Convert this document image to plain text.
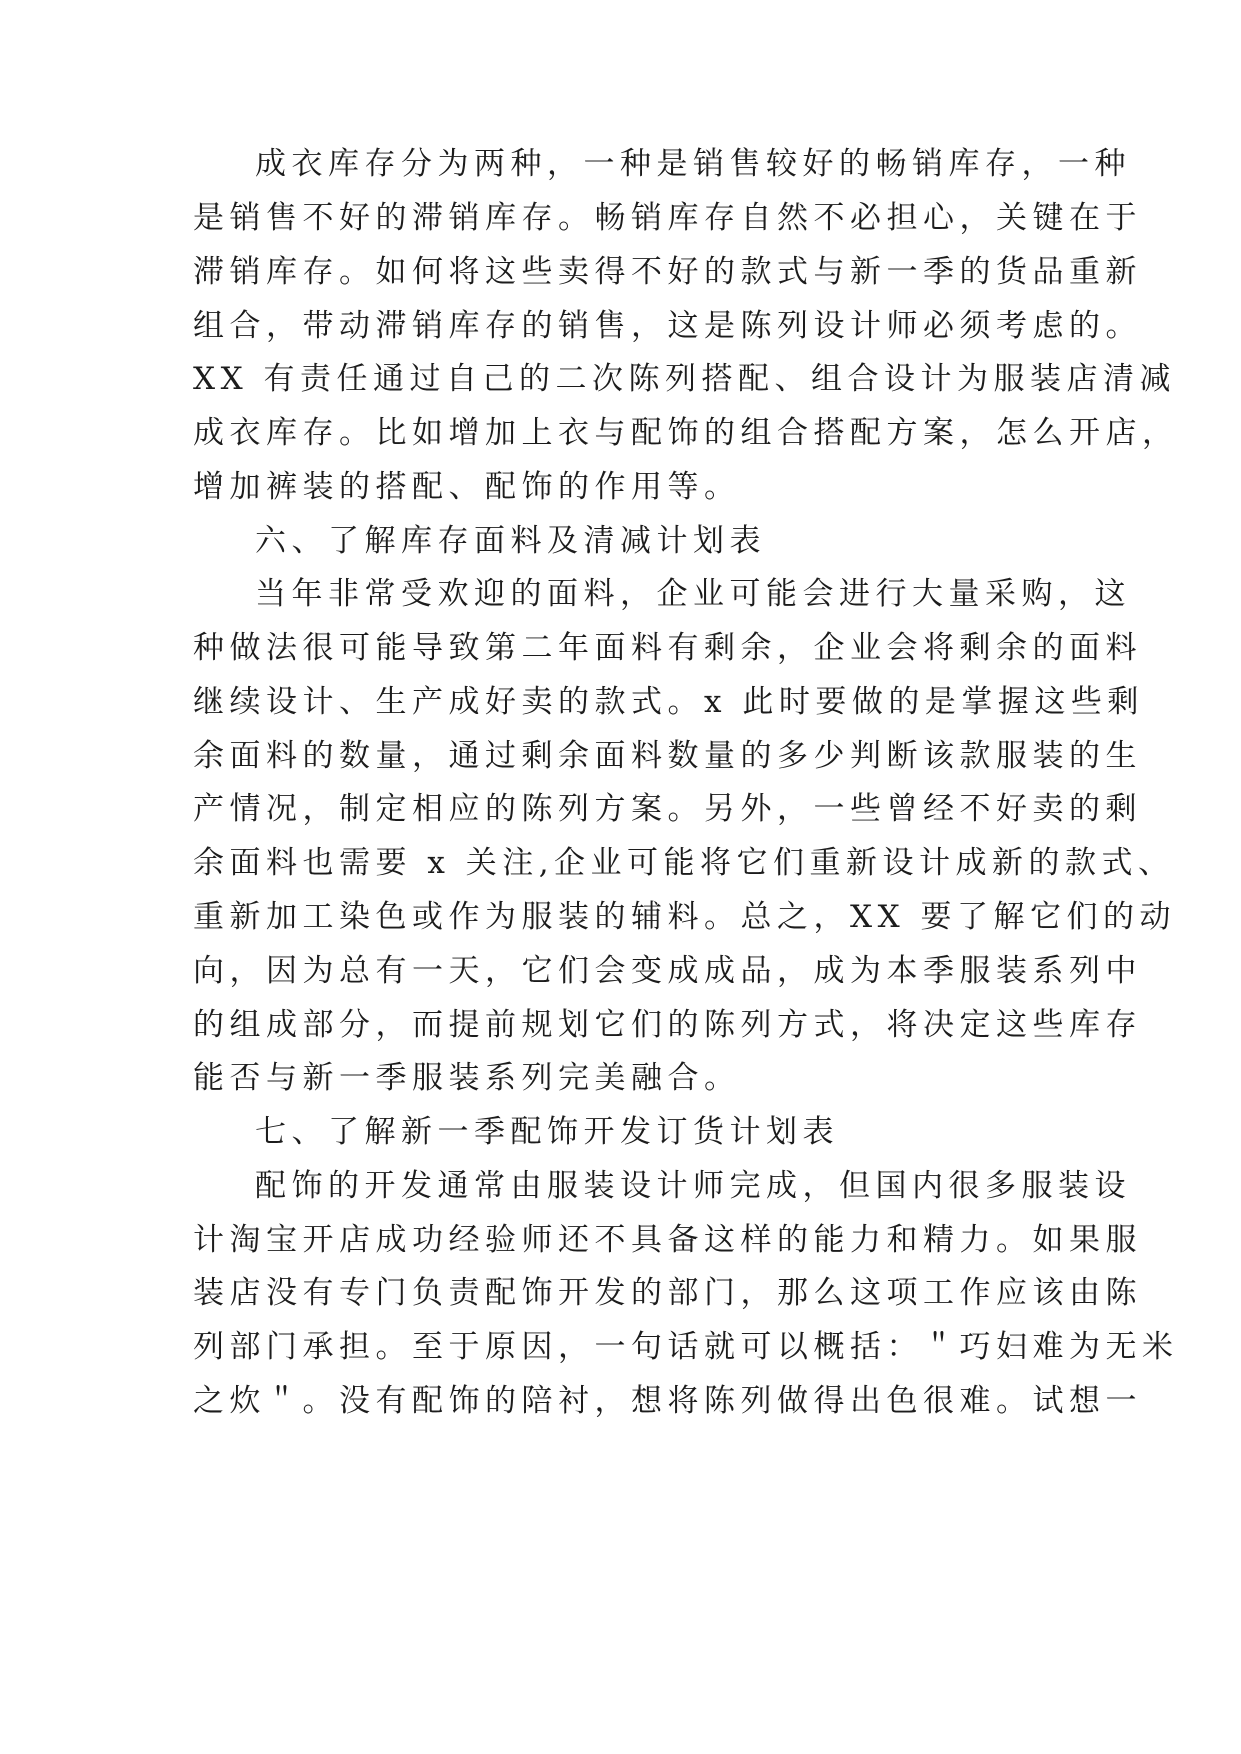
成衣库存分为两种，一种是销售较好的畅销库存，一种
是销售不好的滞销库存。畅销库存自然不必担心，关键在于
滞销库存。如何将这些卖得不好的款式与新一季的货品重新
组合，带动滞销库存的销售，这是陈列设计师必须考虑的。
XX 有责任通过自己的二次陈列搭配、组合设计为服装店清减
成衣库存。比如增加上衣与配饰的组合搭配方案，怎么开店，
增加裤装的搭配、配饰的作用等。
六、了解库存面料及清减计划表
当年非常受欢迎的面料，企业可能会进行大量采购，这
种做法很可能导致第二年面料有剩余，企业会将剩余的面料
继续设计、生产成好卖的款式。x 此时要做的是掌握这些剩
余面料的数量，通过剩余面料数量的多少判断该款服装的生
产情况，制定相应的陈列方案。另外，一些曾经不好卖的剩
余面料也需要 x 关注,企业可能将它们重新设计成新的款式、
重新加工染色或作为服装的辅料。总之，XX 要了解它们的动
向，因为总有一天，它们会变成成品，成为本季服装系列中
的组成部分，而提前规划它们的陈列方式，将决定这些库存
能否与新一季服装系列完美融合。
七、了解新一季配饰开发订货计划表
配饰的开发通常由服装设计师完成，但国内很多服装设
计淘宝开店成功经验师还不具备这样的能力和精力。如果服
装店没有专门负责配饰开发的部门，那么这项工作应该由陈
列部门承担。至于原因，一句话就可以概括：＂巧妇难为无米
之炊＂。没有配饰的陪衬，想将陈列做得出色很难。试想一
